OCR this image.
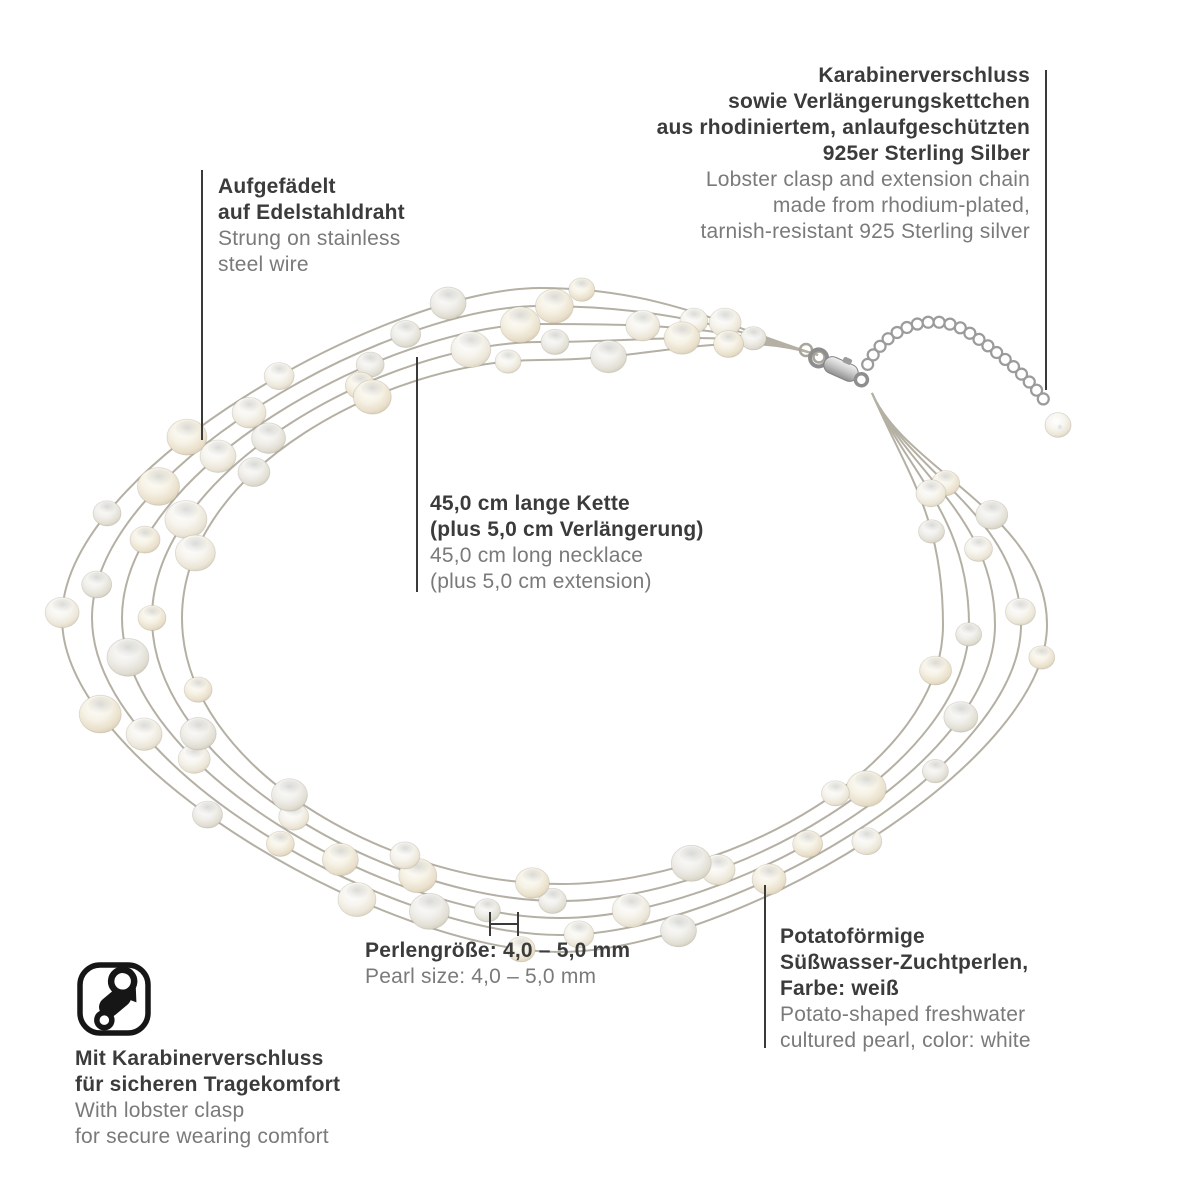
Karabinerverschluss
sowie Verlängerungskettchen
aus rhodiniertem, anlaufgeschützten
925er Sterling Silber
Lobster clasp and extension chain
made from rhodium-plated,
tarnish-resistant 925 Sterling silver
Aufgefädelt
auf Edelstahldraht
Strung on stainless
steel wire
45,0 cm lange Kette
(plus 5,0 cm Verlängerung)
45,0 cm long necklace
(plus 5,0 cm extension)
Perlengröße: 4,0 – 5,0 mm
Pearl size: 4,0 – 5,0 mm
Potatoförmige
Süßwasser-Zuchtperlen,
Farbe: weiß
Potato-shaped freshwater
cultured pearl, color: white
Mit Karabinerverschluss
für sicheren Tragekomfort
With lobster clasp
for secure wearing comfort
